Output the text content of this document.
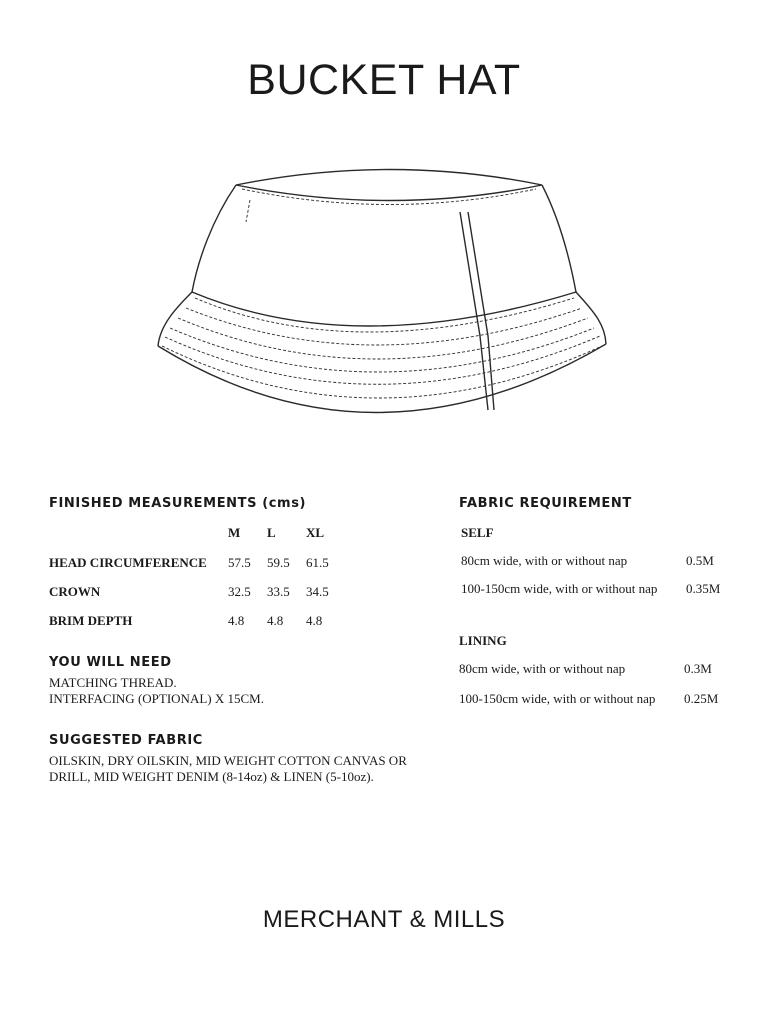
BUCKET HAT
FINISHED MEASUREMENTS (cms)
M L XL
HEAD CIRCUMFERENCE 57.5 59.5 61.5
CROWN	32.5 33.5 34.5
BRIM DEPTH	4.8 4.8 4.8
YOU WILL NEED
MATCHING THREAD.
INTERFACING (OPTIONAL) X 15CM.
SUGGESTED FABRIC
OILSKIN, DRY OILSKIN, MID WEIGHT COTTON CANVAS OR
DRILL, MID WEIGHT DENIM (8-14oz) & LINEN (5-10oz).
FABRIC REQUIREMENT
SELF
80cm wide, with or without nap	0.5M
100-150cm wide, with or without nap 0.35M
LINING
80cm wide, with or without nap	0.3M
100-150cm wide, with or without nap 0.25M
MERCHANT & MILLS
